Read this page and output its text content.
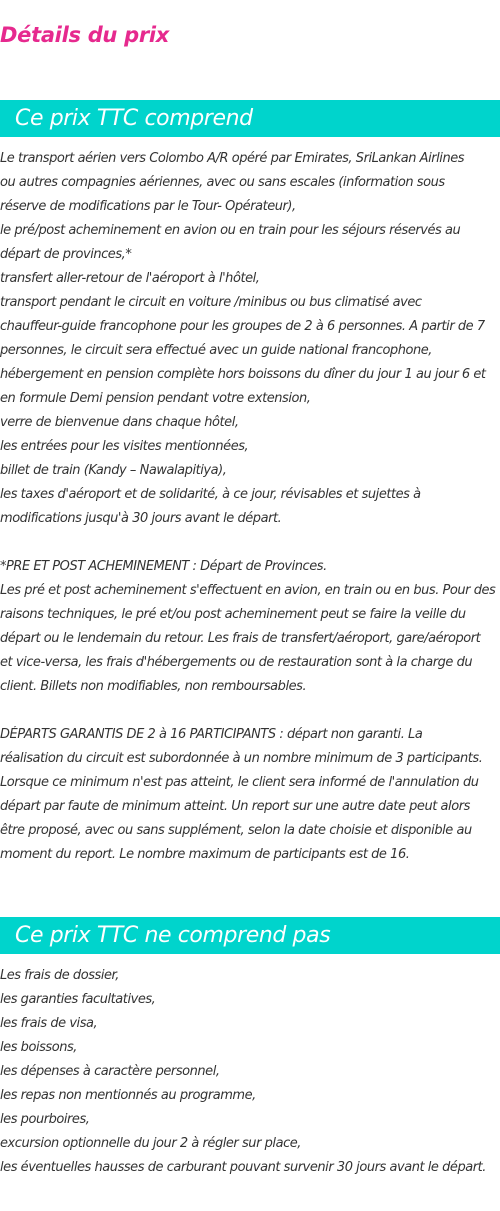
Détails du prix
Ce prix TTC comprend

Le transport aérien vers Colombo A/R opéré par Emirates, SriLankan Airlines

ou autres compagnies aériennes, avec ou sans escales (information sous

réserve de modifications par le Tour- Opérateur),

le pré/post acheminement en avion ou en train pour les séjours réservés au

départ de provinces,*

transfert aller-retour de l'aéroport à l'hôtel,

transport pendant le circuit en voiture /minibus ou bus climatisé avec

chauffeur-guide francophone pour les groupes de 2 à 6 personnes. A partir de 7

personnes, le circuit sera effectué avec un guide national francophone,

hébergement en pension complète hors boissons du dîner du jour 1 au jour 6 et

en formule Demi pension pendant votre extension,

verre de bienvenue dans chaque hôtel,

les entrées pour les visites mentionnées,

billet de train (Kandy – Nawalapitiya),

les taxes d'aéroport et de solidarité, à ce jour, révisables et sujettes à

modifications jusqu'à 30 jours avant le départ.

*PRE ET POST ACHEMINEMENT : Départ de Provinces.

Les pré et post acheminement s'effectuent en avion, en train ou en bus. Pour des

raisons techniques, le pré et/ou post acheminement peut se faire la veille du

départ ou le lendemain du retour. Les frais de transfert/aéroport, gare/aéroport

et vice-versa, les frais d'hébergements ou de restauration sont à la charge du

client. Billets non modifiables, non remboursables.

DÉPARTS GARANTIS DE 2 à 16 PARTICIPANTS : départ non garanti. La

réalisation du circuit est subordonnée à un nombre minimum de 3 participants.

Lorsque ce minimum n'est pas atteint, le client sera informé de l'annulation du

départ par faute de minimum atteint. Un report sur une autre date peut alors

être proposé, avec ou sans supplément, selon la date choisie et disponible au

moment du report. Le nombre maximum de participants est de 16.

Ce prix TTC ne comprend pas

Les frais de dossier,

les garanties facultatives,

les frais de visa,

les boissons,

les dépenses à caractère personnel,

les repas non mentionnés au programme,

les pourboires,

excursion optionnelle du jour 2 à régler sur place,

les éventuelles hausses de carburant pouvant survenir 30 jours avant le départ.
